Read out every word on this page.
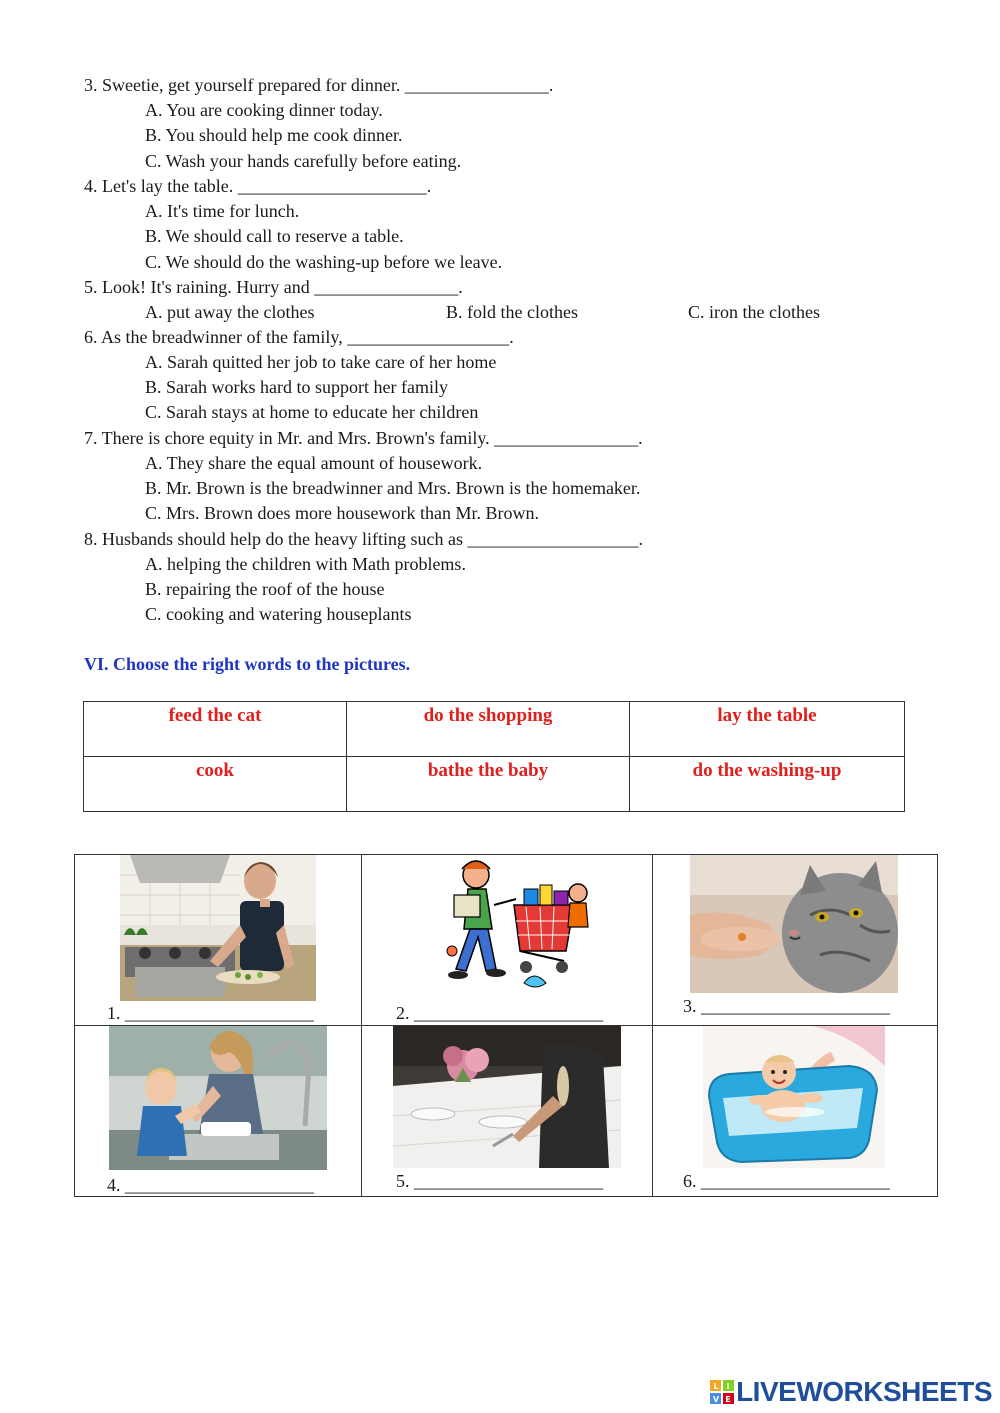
3. Sweetie, get yourself prepared for dinner. ________________.
A. You are cooking dinner today.
B. You should help me cook dinner.
C. Wash your hands carefully before eating.
4. Let's lay the table. _____________________.
A. It's time for lunch.
B. We should call to reserve a table.
C. We should do the washing-up before we leave.
5. Look! It's raining. Hurry and ________________.
A. put away the clothes	B. fold the clothes	C. iron the clothes
6. As the breadwinner of the family, __________________.
A. Sarah quitted her job to take care of her home
B. Sarah works hard to support her family
C. Sarah stays at home to educate her children
7. There is chore equity in Mr. and Mrs. Brown's family. ________________.
A. They share the equal amount of housework.
B. Mr. Brown is the breadwinner and Mrs. Brown is the homemaker.
C. Mrs. Brown does more housework than Mr. Brown.
8. Husbands should help do the heavy lifting such as ___________________.
A. helping the children with Math problems.
B. repairing the roof of the house
C. cooking and watering houseplants
VI. Choose the right words to the pictures.
feed the cat	do the shopping	lay the table
cook	bathe the baby	do the washing-up
1. _____________________	2. _____________________	3. _____________________

4. _____________________	5. _____________________	6. _____________________
L I
V E LIVEWORKSHEETS
